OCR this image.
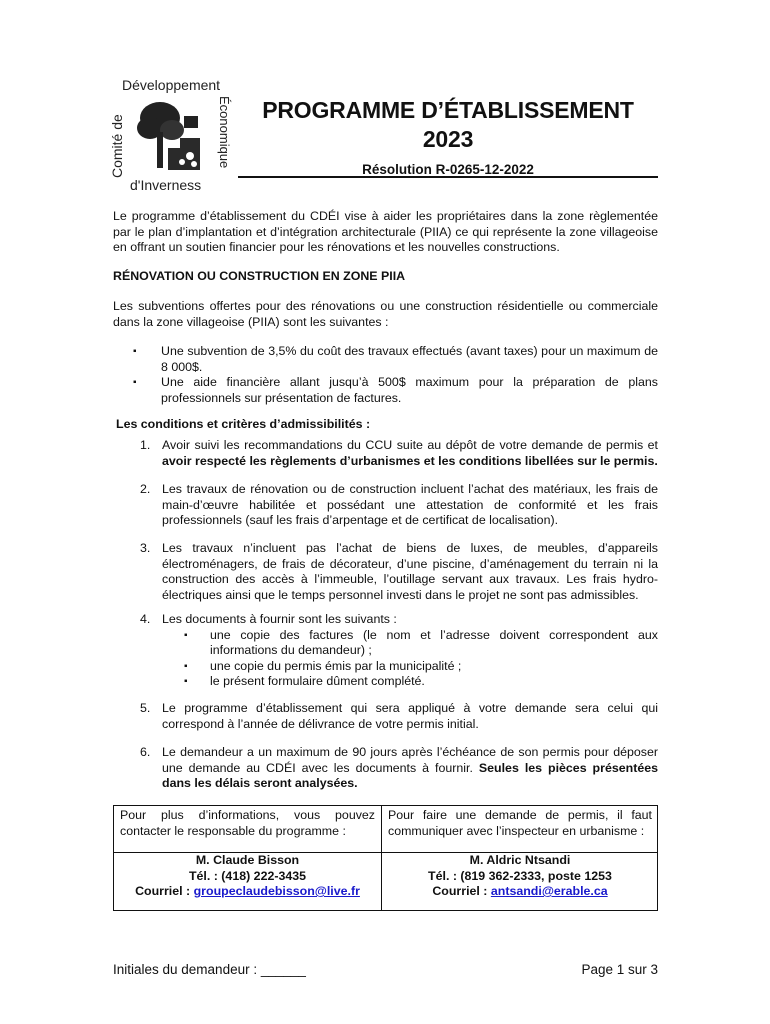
Développement
Économique
Comité de
d'Inverness
PROGRAMME D’ÉTABLISSEMENT
2023
Résolution R-0265-12-2022
Le programme d’établissement du CDÉI vise à aider les propriétaires dans la zone règlementée par le plan d’implantation et d’intégration architecturale (PIIA) ce qui représente la zone villageoise en offrant un soutien financier pour les rénovations et les nouvelles constructions.
RÉNOVATION OU CONSTRUCTION EN ZONE PIIA
Les subventions offertes pour des rénovations ou une construction résidentielle ou commerciale dans la zone villageoise (PIIA) sont les suivantes :
▪ Une subvention de 3,5% du coût des travaux effectués (avant taxes) pour un maximum de 8 000$.
▪ Une aide financière allant jusqu’à 500$ maximum pour la préparation de plans professionnels sur présentation de factures.
Les conditions et critères d’admissibilités :
1. Avoir suivi les recommandations du CCU suite au dépôt de votre demande de permis et avoir respecté les règlements d’urbanismes et les conditions libellées sur le permis.
2. Les travaux de rénovation ou de construction incluent l’achat des matériaux, les frais de main-d’œuvre habilitée et possédant une attestation de conformité et les frais professionnels (sauf les frais d’arpentage et de certificat de localisation).
3. Les travaux n’incluent pas l’achat de biens de luxes, de meubles, d’appareils électroménagers, de frais de décorateur, d’une piscine, d’aménagement du terrain ni la construction des accès à l’immeuble, l’outillage servant aux travaux. Les frais hydro-électriques ainsi que le temps personnel investi dans le projet ne sont pas admissibles.
4. Les documents à fournir sont les suivants :
▪ une copie des factures (le nom et l’adresse doivent correspondent aux informations du demandeur) ;
▪ une copie du permis émis par la municipalité ;
▪ le présent formulaire dûment complété.
5. Le programme d’établissement qui sera appliqué à votre demande sera celui qui correspond à l’année de délivrance de votre permis initial.
6. Le demandeur a un maximum de 90 jours après l’échéance de son permis pour déposer une demande au CDÉI avec les documents à fournir. Seules les pièces présentées dans les délais seront analysées.
Pour plus d’informations, vous pouvez contacter le responsable du programme :
M. Claude Bisson
Tél. : (418) 222-3435
Courriel : groupeclaudebisson@live.fr
Pour faire une demande de permis, il faut communiquer avec l’inspecteur en urbanisme :
M. Aldric Ntsandi
Tél. : (819 362-2333, poste 1253
Courriel : antsandi@erable.ca
Initiales du demandeur : ______	Page 1 sur 3
